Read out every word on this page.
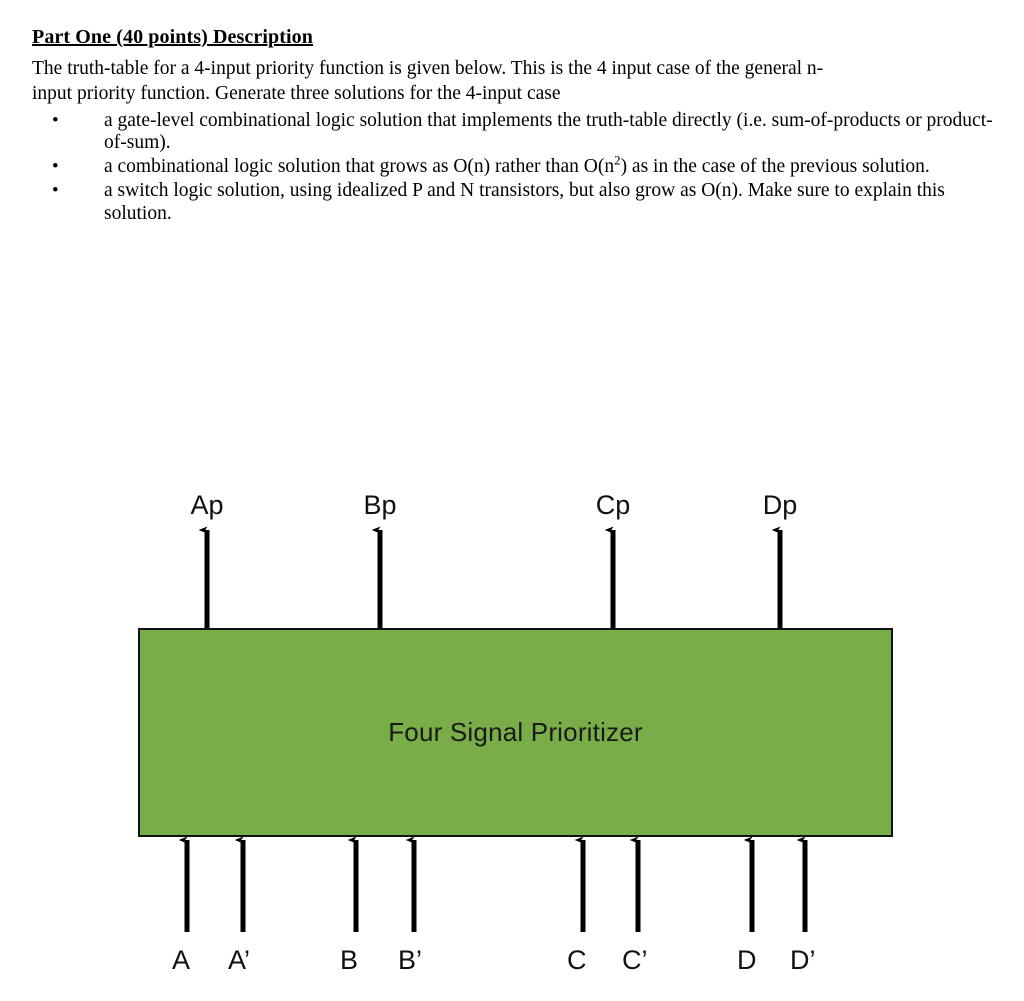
Part One (40 points) Description

The truth-table for a 4-input priority function is given below. This is the 4 input case of the general n-

input priority function. Generate three solutions for the 4-input case

• a gate-level combinational logic solution that implements the truth-table directly (i.e. sum-of-products or product-of-sum).
• a combinational logic solution that grows as O(n) rather than $O(n^2)$ as in the case of the previous solution.
• a switch logic solution, using idealized P and N transistors, but also grow as O(n). Make sure to explain this solution.
Four Signal Prioritizer
Ap	Bp	Cp	Dp
A A’	B B’	C C’	D D’
